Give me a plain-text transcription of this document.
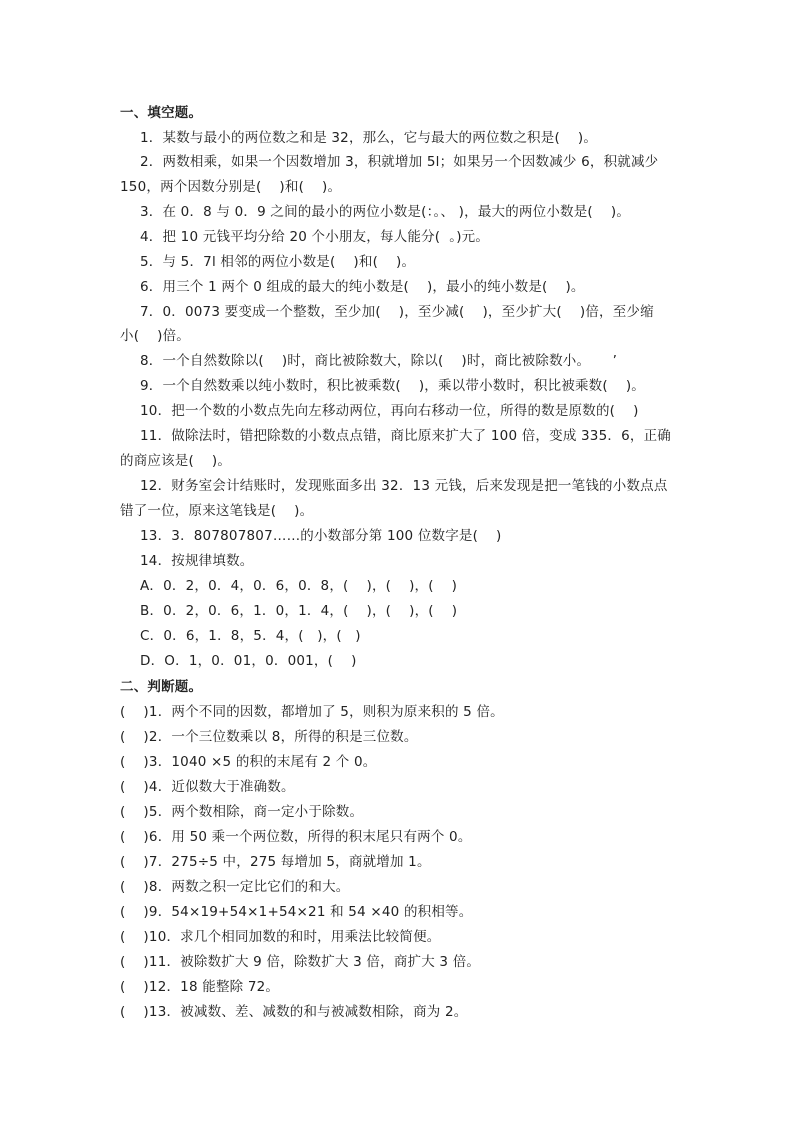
一、填空题。
1．某数与最小的两位数之和是 32，那么，它与最大的两位数之积是(    )。
2．两数相乘，如果一个因数增加 3，积就增加 5l；如果另一个因数减少 6，积就减少
150，两个因数分别是(    )和(    )。
3．在 0．8 与 0．9 之间的最小的两位小数是(：。、 )，最大的两位小数是(    )。
4．把 10 元钱平均分给 20 个小朋友，每人能分(  。)元。
5．与 5．7l 相邻的两位小数是(    )和(    )。
6．用三个 1 两个 0 组成的最大的纯小数是(    )，最小的纯小数是(    )。
7．0．0073 要变成一个整数，至少加(    )，至少减(    )，至少扩大(    )倍，至少缩
小(    )倍。
8．一个自然数除以(    )时，商比被除数大，除以(    )时，商比被除数小。     ’
9．一个自然数乘以纯小数时，积比被乘数(    )，乘以带小数时，积比被乘数(    )。
10．把一个数的小数点先向左移动两位，再向右移动一位，所得的数是原数的(    )
11．做除法时，错把除数的小数点点错，商比原来扩大了 100 倍，变成 335．6，正确
的商应该是(    )。
12．财务室会计结账时，发现账面多出 32．13 元钱，后来发现是把一笔钱的小数点点
错了一位，原来这笔钱是(    )。
13．3．807807807……的小数部分第 100 位数字是(    )
14．按规律填数。
A．0．2，0．4，0．6，0．8，(    )，(    )，(    )
B．0．2，0．6，1．0，1．4，(    )，(    )，(    )
C．0．6，1．8，5．4，(   )，(   )
D．O．1，0．01，0．001，(    )
二、判断题。
(    )1．两个不同的因数，都增加了 5，则积为原来积的 5 倍。
(    )2．一个三位数乘以 8，所得的积是三位数。
(    )3．1040 ×5 的积的末尾有 2 个 0。
(    )4．近似数大于准确数。
(    )5．两个数相除，商一定小于除数。
(    )6．用 50 乘一个两位数，所得的积末尾只有两个 0。
(    )7．275÷5 中，275 每增加 5，商就增加 1。
(    )8．两数之积一定比它们的和大。
(    )9．54×19+54×1+54×21 和 54 ×40 的积相等。
(    )10．求几个相同加数的和时，用乘法比较简便。
(    )11．被除数扩大 9 倍，除数扩大 3 倍，商扩大 3 倍。
(    )12．18 能整除 72。
(    )13．被减数、差、减数的和与被减数相除，商为 2。
